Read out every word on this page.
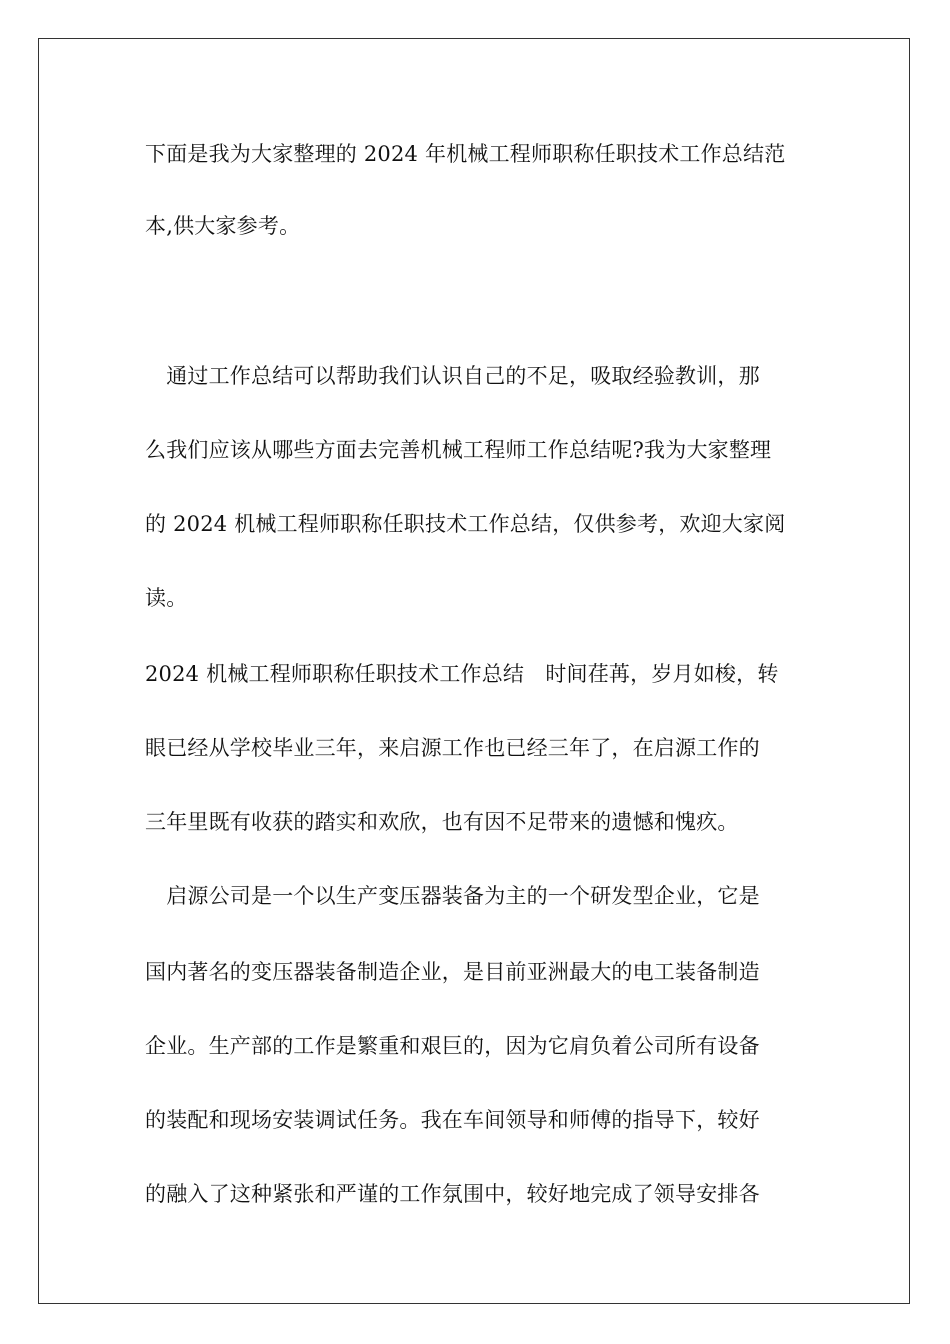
下面是我为大家整理的 2024 年机械工程师职称任职技术工作总结范
本,供大家参考。
　通过工作总结可以帮助我们认识自己的不足，吸取经验教训，那
么我们应该从哪些方面去完善机械工程师工作总结呢?我为大家整理
的 2024 机械工程师职称任职技术工作总结，仅供参考，欢迎大家阅
读。
2024 机械工程师职称任职技术工作总结　时间荏苒，岁月如梭，转
眼已经从学校毕业三年，来启源工作也已经三年了，在启源工作的
三年里既有收获的踏实和欢欣，也有因不足带来的遗憾和愧疚。
　启源公司是一个以生产变压器装备为主的一个研发型企业，它是
国内著名的变压器装备制造企业，是目前亚洲最大的电工装备制造
企业。生产部的工作是繁重和艰巨的，因为它肩负着公司所有设备
的装配和现场安装调试任务。我在车间领导和师傅的指导下，较好
的融入了这种紧张和严谨的工作氛围中，较好地完成了领导安排各
